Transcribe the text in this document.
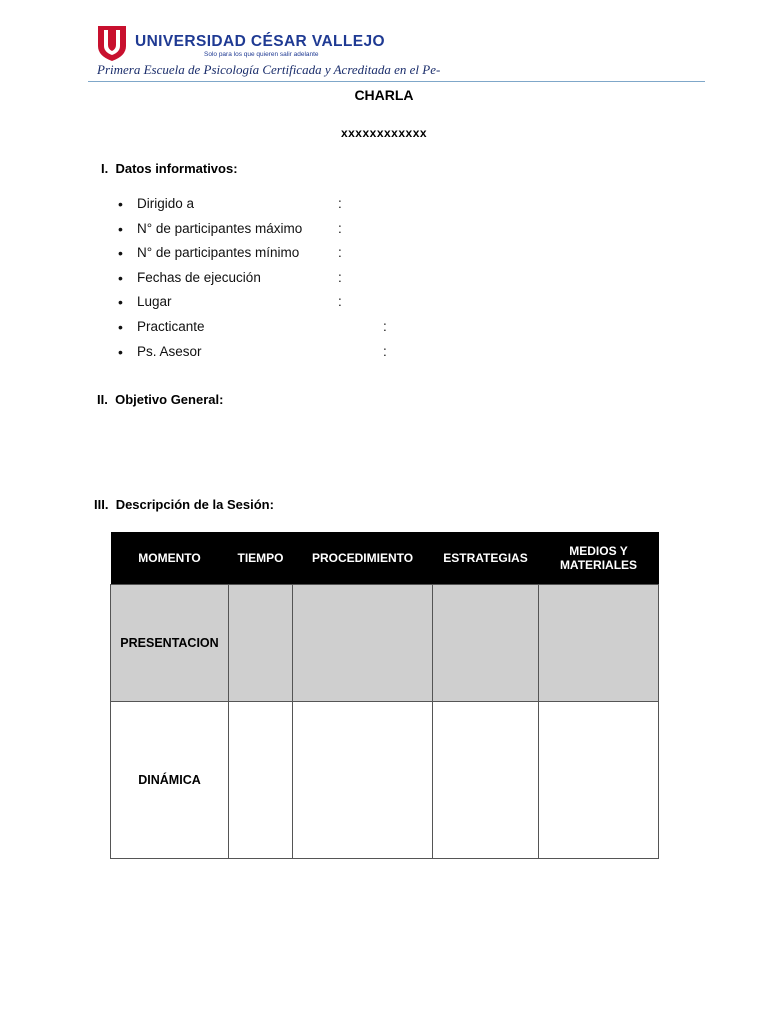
UNIVERSIDAD CÉSAR VALLEJO
Solo para los que quieren salir adelante
Primera Escuela de Psicología Certificada y Acreditada en el Pe-
CHARLA
xxxxxxxxxxxx
I. Datos informativos:
• Dirigido a	:
• N° de participantes máximo	:
• N° de participantes mínimo	:
• Fechas de ejecución	:
• Lugar	:
• Practicante	:
• Ps. Asesor	:
II. Objetivo General:
III. Descripción de la Sesión:
MOMENTO	TIEMPO	PROCEDIMIENTO	ESTRATEGIAS	MEDIOS Y MATERIALES
PRESENTACION				
DINÁMICA				
